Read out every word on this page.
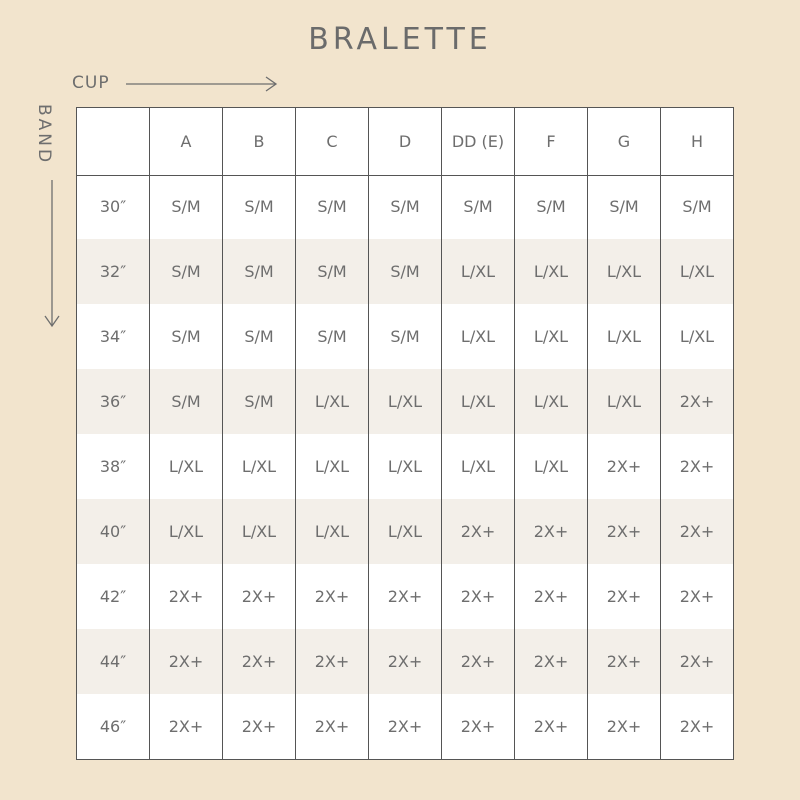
BRALETTE
CUP
BAND	A	B	C	D	DD (E)	F	G	H
30″	S/M	S/M	S/M	S/M	S/M	S/M	S/M	S/M
32″	S/M	S/M	S/M	S/M	L/XL	L/XL	L/XL	L/XL
34″	S/M	S/M	S/M	S/M	L/XL	L/XL	L/XL	L/XL
36″	S/M	S/M	L/XL	L/XL	L/XL	L/XL	L/XL	2X+
38″	L/XL	L/XL	L/XL	L/XL	L/XL	L/XL	2X+	2X+
40″	L/XL	L/XL	L/XL	L/XL	2X+	2X+	2X+	2X+
42″	2X+	2X+	2X+	2X+	2X+	2X+	2X+	2X+
44″	2X+	2X+	2X+	2X+	2X+	2X+	2X+	2X+
46″	2X+	2X+	2X+	2X+	2X+	2X+	2X+	2X+
